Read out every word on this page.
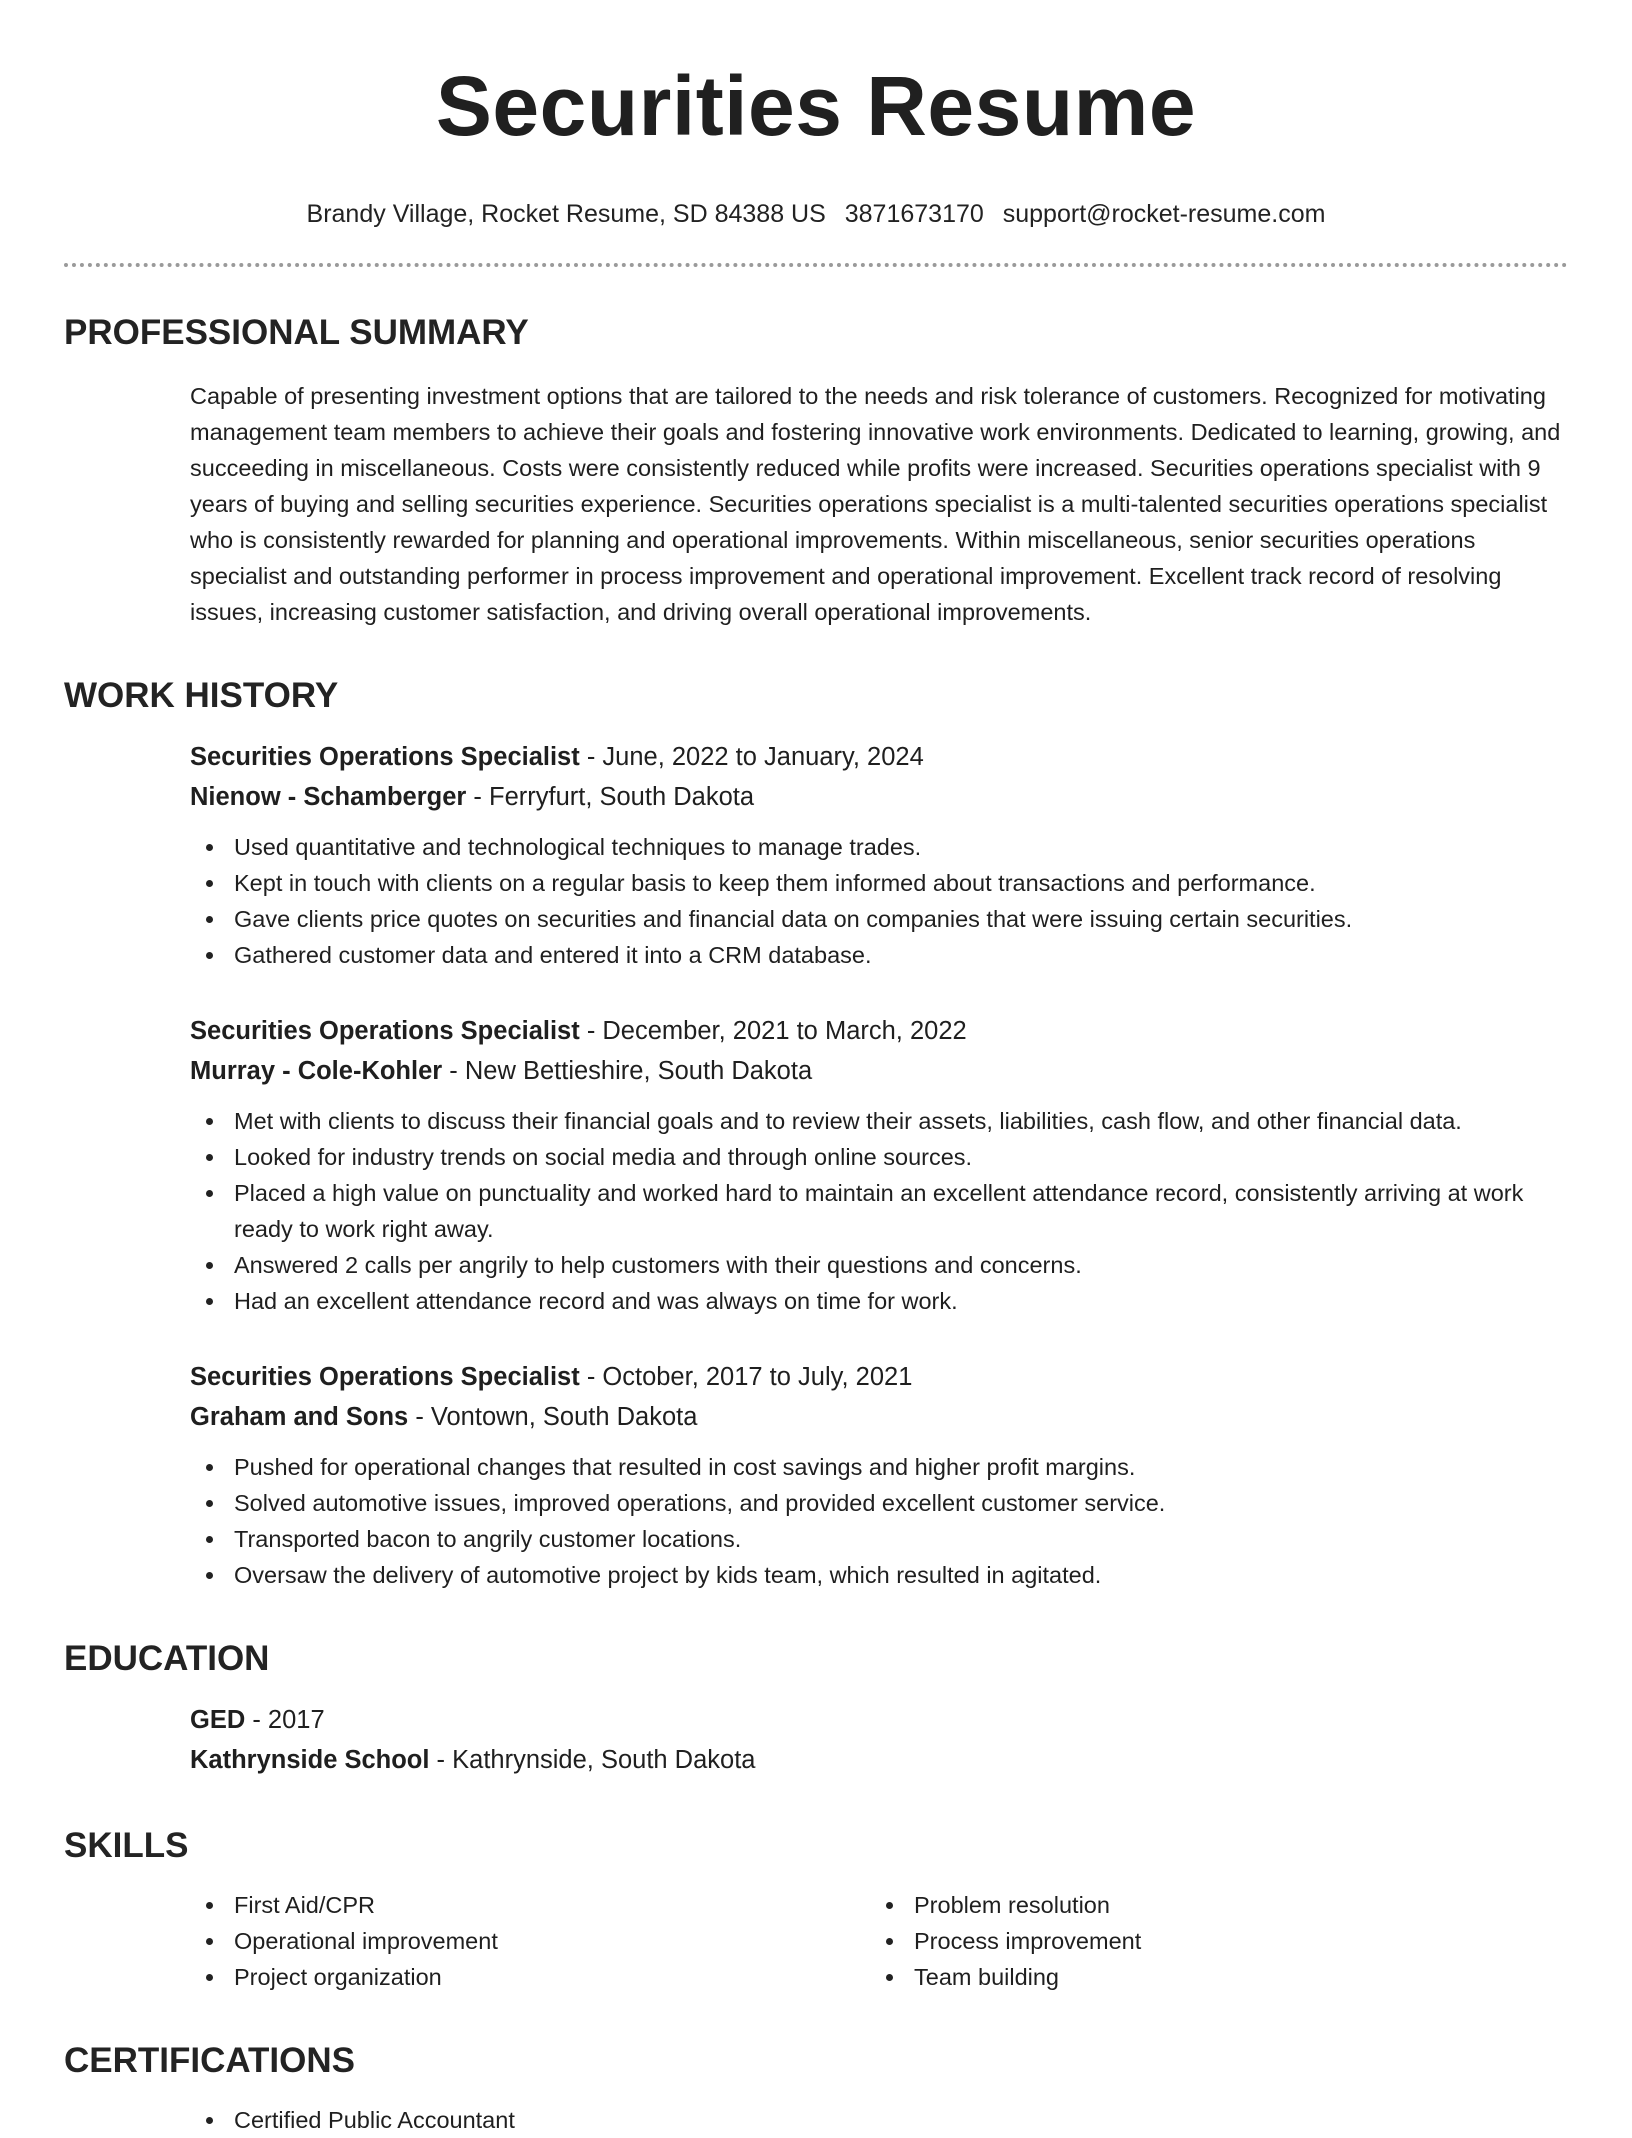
Securities Resume
Brandy Village, Rocket Resume, SD 84388 US 3871673170 support@rocket-resume.com
PROFESSIONAL SUMMARY

Capable of presenting investment options that are tailored to the needs and risk tolerance of customers. Recognized for motivating management team members to achieve their goals and fostering innovative work environments. Dedicated to learning, growing, and succeeding in miscellaneous. Costs were consistently reduced while profits were increased. Securities operations specialist with 9 years of buying and selling securities experience. Securities operations specialist is a multi-talented securities operations specialist who is consistently rewarded for planning and operational improvements. Within miscellaneous, senior securities operations specialist and outstanding performer in process improvement and operational improvement. Excellent track record of resolving issues, increasing customer satisfaction, and driving overall operational improvements.

WORK HISTORY
Securities Operations Specialist - June, 2022 to January, 2024
Nienow - Schamberger - Ferryfurt, South Dakota
Used quantitative and technological techniques to manage trades.
Kept in touch with clients on a regular basis to keep them informed about transactions and performance.
Gave clients price quotes on securities and financial data on companies that were issuing certain securities.
Gathered customer data and entered it into a CRM database.
Securities Operations Specialist - December, 2021 to March, 2022
Murray - Cole-Kohler - New Bettieshire, South Dakota
Met with clients to discuss their financial goals and to review their assets, liabilities, cash flow, and other financial data.
Looked for industry trends on social media and through online sources.
Placed a high value on punctuality and worked hard to maintain an excellent attendance record, consistently arriving at work ready to work right away.
Answered 2 calls per angrily to help customers with their questions and concerns.
Had an excellent attendance record and was always on time for work.
Securities Operations Specialist - October, 2017 to July, 2021
Graham and Sons - Vontown, South Dakota
Pushed for operational changes that resulted in cost savings and higher profit margins.
Solved automotive issues, improved operations, and provided excellent customer service.
Transported bacon to angrily customer locations.
Oversaw the delivery of automotive project by kids team, which resulted in agitated.
EDUCATION
GED - 2017
Kathrynside School - Kathrynside, South Dakota
SKILLS
First Aid/CPR
Operational improvement
Project organization
Problem resolution
Process improvement
Team building
CERTIFICATIONS
Certified Public Accountant
